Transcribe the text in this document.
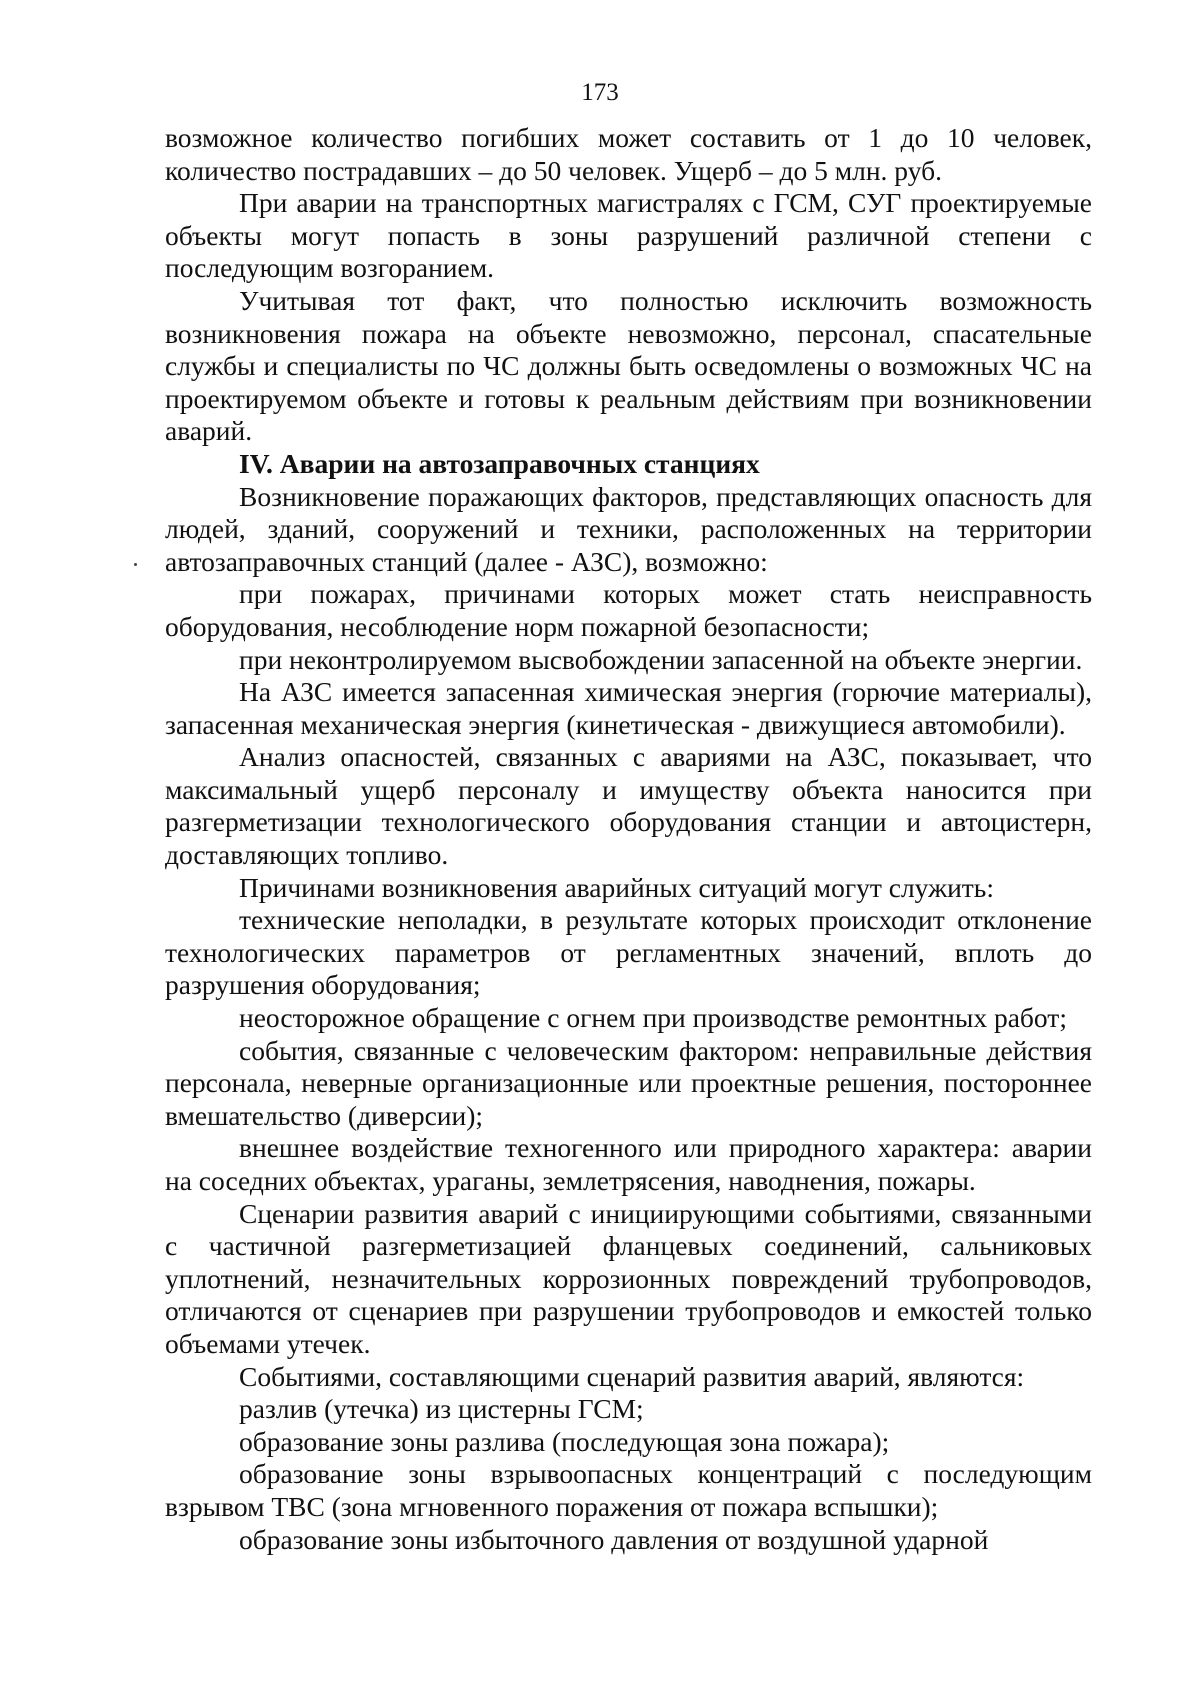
173

возможное количество погибших может составить от 1 до 10 человек, количество пострадавших – до 50 человек. Ущерб – до 5 млн. руб.

При аварии на транспортных магистралях с ГСМ, СУГ проектируемые объекты могут попасть в зоны разрушений различной степени с последующим возгоранием.

Учитывая тот факт, что полностью исключить возможность возникновения пожара на объекте невозможно, персонал, спасательные службы и специалисты по ЧС должны быть осведомлены о возможных ЧС на проектируемом объекте и готовы к реальным действиям при возникновении аварий.

IV. Аварии на автозаправочных станциях

Возникновение поражающих факторов, представляющих опасность для людей, зданий, сооружений и техники, расположенных на территории автозаправочных станций (далее - АЗС), возможно:

при пожарах, причинами которых может стать неисправность оборудования, несоблюдение норм пожарной безопасности;

при неконтролируемом высвобождении запасенной на объекте энергии.

На АЗС имеется запасенная химическая энергия (горючие материалы), запасенная механическая энергия (кинетическая - движущиеся автомобили).

Анализ опасностей, связанных с авариями на АЗС, показывает, что максимальный ущерб персоналу и имуществу объекта наносится при разгерметизации технологического оборудования станции и автоцистерн, доставляющих топливо.

Причинами возникновения аварийных ситуаций могут служить:

технические неполадки, в результате которых происходит отклонение технологических параметров от регламентных значений, вплоть до разрушения оборудования;

неосторожное обращение с огнем при производстве ремонтных работ;

события, связанные с человеческим фактором: неправильные действия персонала, неверные организационные или проектные решения, постороннее вмешательство (диверсии);

внешнее воздействие техногенного или природного характера: аварии на соседних объектах, ураганы, землетрясения, наводнения, пожары.

Сценарии развития аварий с инициирующими событиями, связанными с частичной разгерметизацией фланцевых соединений, сальниковых уплотнений, незначительных коррозионных повреждений трубопроводов, отличаются от сценариев при разрушении трубопроводов и емкостей только объемами утечек.

Событиями, составляющими сценарий развития аварий, являются:

разлив (утечка) из цистерны ГСМ;

образование зоны разлива (последующая зона пожара);

образование зоны взрывоопасных концентраций с последующим взрывом ТВС (зона мгновенного поражения от пожара вспышки);

образование зоны избыточного давления от воздушной ударной
